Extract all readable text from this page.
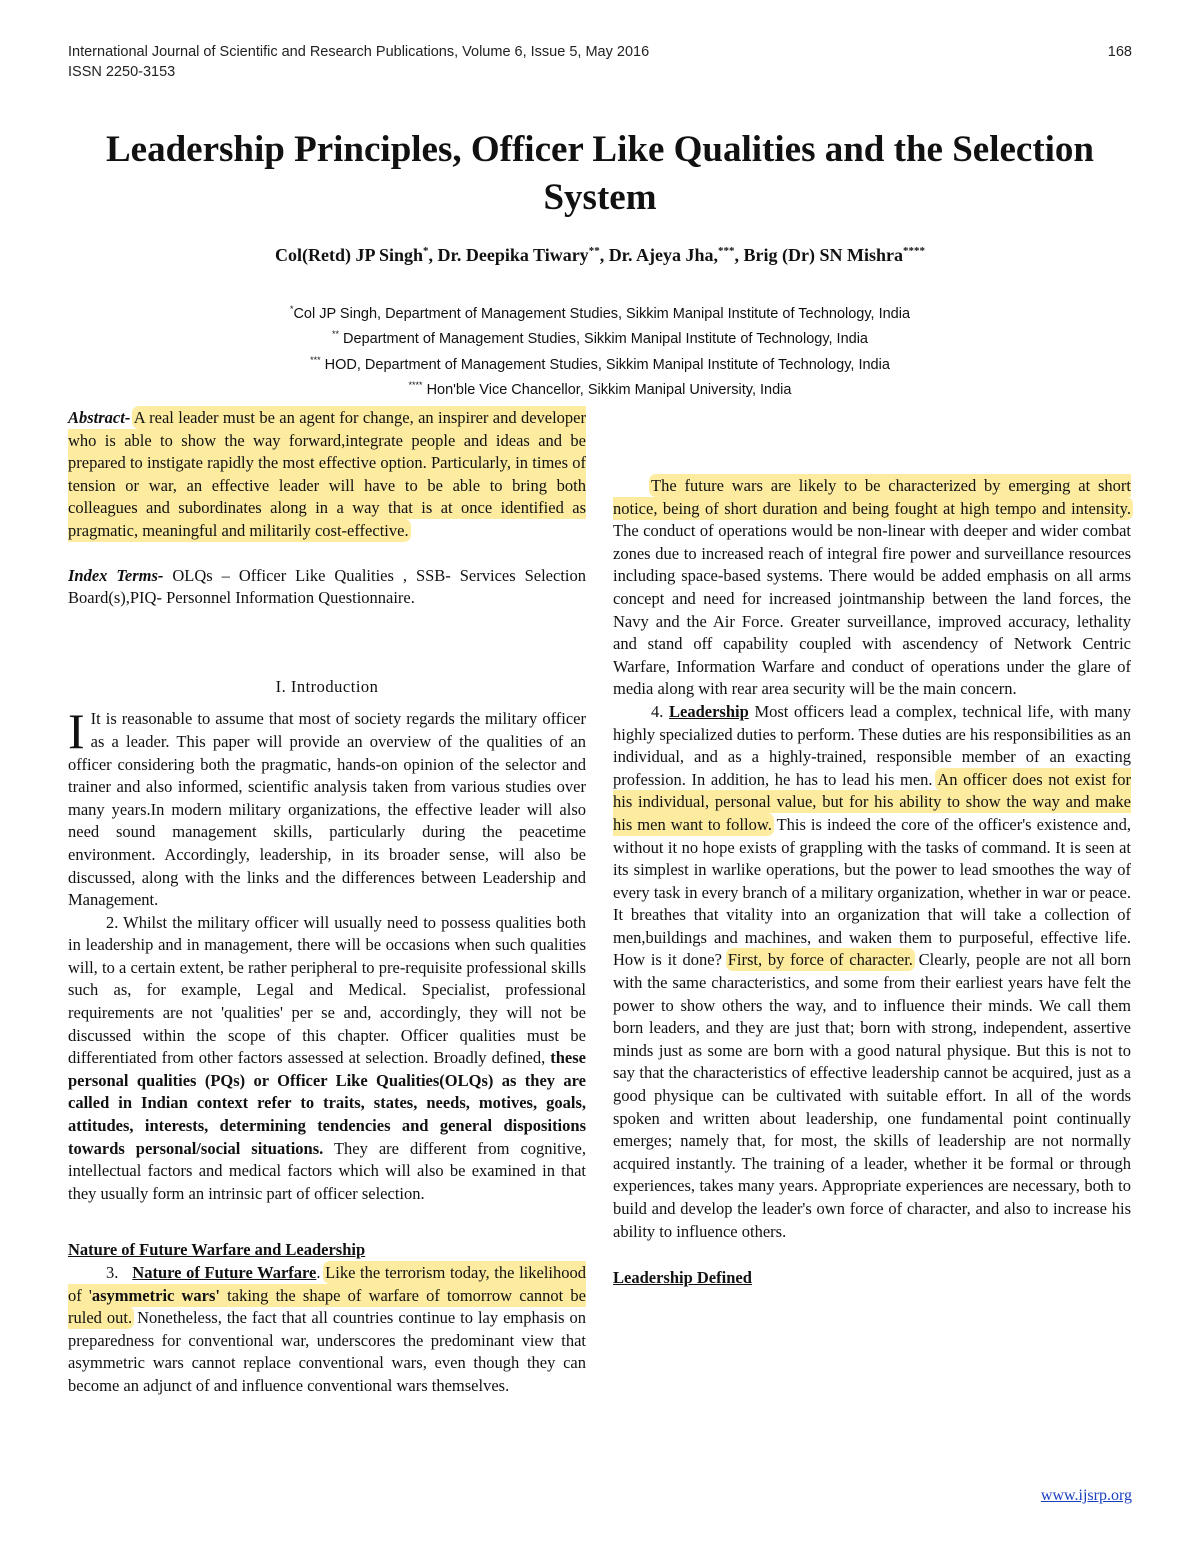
International Journal of Scientific and Research Publications, Volume 6, Issue 5, May 2016
ISSN 2250-3153
168
Leadership Principles, Officer Like Qualities and the Selection System
Col(Retd) JP Singh*, Dr. Deepika Tiwary**, Dr. Ajeya Jha,***, Brig (Dr) SN Mishra****
*Col JP Singh, Department of Management Studies, Sikkim Manipal Institute of Technology, India
** Department of Management Studies, Sikkim Manipal Institute of Technology, India
*** HOD, Department of Management Studies, Sikkim Manipal Institute of Technology, India
**** Hon'ble Vice Chancellor, Sikkim Manipal University, India

Abstract- A real leader must be an agent for change, an inspirer and developer who is able to show the way forward,integrate people and ideas and be prepared to instigate rapidly the most effective option. Particularly, in times of tension or war, an effective leader will have to be able to bring both colleagues and subordinates along in a way that is at once identified as pragmatic, meaningful and militarily cost-effective.

Index Terms- OLQs – Officer Like Qualities , SSB- Services Selection Board(s),PIQ- Personnel Information Questionnaire.

I. Introduction

I It is reasonable to assume that most of society regards the military officer as a leader. This paper will provide an overview of the qualities of an officer considering both the pragmatic, hands-on opinion of the selector and trainer and also informed, scientific analysis taken from various studies over many years.In modern military organizations, the effective leader will also need sound management skills, particularly during the peacetime environment. Accordingly, leadership, in its broader sense, will also be discussed, along with the links and the differences between Leadership and Management.

2. Whilst the military officer will usually need to possess qualities both in leadership and in management, there will be occasions when such qualities will, to a certain extent, be rather peripheral to pre-requisite professional skills such as, for example, Legal and Medical. Specialist, professional requirements are not 'qualities' per se and, accordingly, they will not be discussed within the scope of this chapter. Officer qualities must be differentiated from other factors assessed at selection. Broadly defined, these personal qualities (PQs) or Officer Like Qualities(OLQs) as they are called in Indian context refer to traits, states, needs, motives, goals, attitudes, interests, determining tendencies and general dispositions towards personal/social situations. They are different from cognitive, intellectual factors and medical factors which will also be examined in that they usually form an intrinsic part of officer selection.

Nature of Future Warfare and Leadership

3. Nature of Future Warfare. Like the terrorism today, the likelihood of 'asymmetric wars' taking the shape of warfare of tomorrow cannot be ruled out. Nonetheless, the fact that all countries continue to lay emphasis on preparedness for conventional war, underscores the predominant view that asymmetric wars cannot replace conventional wars, even though they can become an adjunct of and influence conventional wars themselves.

The future wars are likely to be characterized by emerging at short notice, being of short duration and being fought at high tempo and intensity. The conduct of operations would be non-linear with deeper and wider combat zones due to increased reach of integral fire power and surveillance resources including space-based systems. There would be added emphasis on all arms concept and need for increased jointmanship between the land forces, the Navy and the Air Force. Greater surveillance, improved accuracy, lethality and stand off capability coupled with ascendency of Network Centric Warfare, Information Warfare and conduct of operations under the glare of media along with rear area security will be the main concern.

4. Leadership Most officers lead a complex, technical life, with many highly specialized duties to perform. These duties are his responsibilities as an individual, and as a highly-trained, responsible member of an exacting profession. In addition, he has to lead his men. An officer does not exist for his individual, personal value, but for his ability to show the way and make his men want to follow. This is indeed the core of the officer's existence and, without it no hope exists of grappling with the tasks of command. It is seen at its simplest in warlike operations, but the power to lead smoothes the way of every task in every branch of a military organization, whether in war or peace. It breathes that vitality into an organization that will take a collection of men,buildings and machines, and waken them to purposeful, effective life. How is it done? First, by force of character. Clearly, people are not all born with the same characteristics, and some from their earliest years have felt the power to show others the way, and to influence their minds. We call them born leaders, and they are just that; born with strong, independent, assertive minds just as some are born with a good natural physique. But this is not to say that the characteristics of effective leadership cannot be acquired, just as a good physique can be cultivated with suitable effort. In all of the words spoken and written about leadership, one fundamental point continually emerges; namely that, for most, the skills of leadership are not normally acquired instantly. The training of a leader, whether it be formal or through experiences, takes many years. Appropriate experiences are necessary, both to build and develop the leader's own force of character, and also to increase his ability to influence others.

Leadership Defined

www.ijsrp.org
